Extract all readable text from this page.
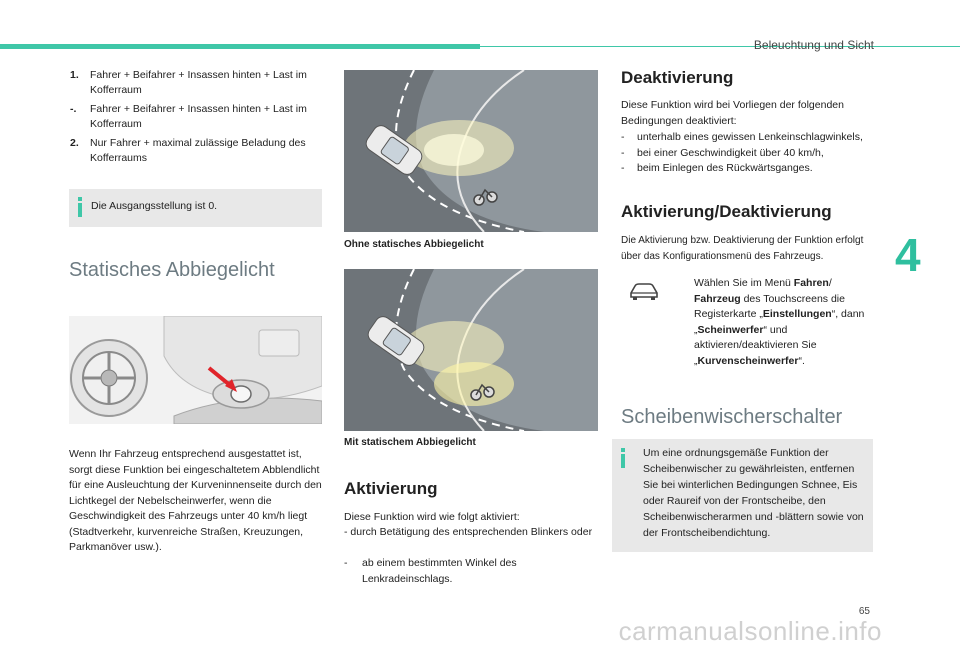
Beleuchtung und Sicht
4
1.	Fahrer + Beifahrer + Insassen hinten + Last im Kofferraum
-.	Fahrer + Beifahrer + Insassen hinten + Last im Kofferraum
2.	Nur Fahrer + maximal zulässige Beladung des Kofferraums
Die Ausgangsstellung ist 0.
Statisches Abbiegelicht
Wenn Ihr Fahrzeug entsprechend ausgestattet ist, sorgt diese Funktion bei eingeschaltetem Abblendlicht für eine Ausleuchtung der Kurveninnenseite durch den Lichtkegel der Nebelscheinwerfer, wenn die Geschwindigkeit des Fahrzeugs unter 40 km/h liegt (Stadtverkehr, kurvenreiche Straßen, Kreuzungen, Parkmanöver usw.).
Ohne statisches Abbiegelicht
Mit statischem Abbiegelicht
Aktivierung
Diese Funktion wird wie folgt aktiviert:
- durch Betätigung des entsprechenden Blinkers oder
-	ab einem bestimmten Winkel des Lenkradeinschlags.
Deaktivierung
Diese Funktion wird bei Vorliegen der folgenden Bedingungen deaktiviert:
-	unterhalb eines gewissen Lenkeinschlagwinkels,
-	bei einer Geschwindigkeit über 40 km/h,
-	beim Einlegen des Rückwärtsganges.
Aktivierung/Deaktivierung
Die Aktivierung bzw. Deaktivierung der Funktion erfolgt über das Konfigurationsmenü des Fahrzeugs.
Wählen Sie im Menü Fahren/ Fahrzeug des Touchscreens die Registerkarte „Einstellungen“, dann „Scheinwerfer“ und aktivieren/deaktivieren Sie „Kurvenscheinwerfer“.
Scheibenwischerschalter
Um eine ordnungsgemäße Funktion der Scheibenwischer zu gewährleisten, entfernen Sie bei winterlichen Bedingungen Schnee, Eis oder Raureif von der Frontscheibe, den Scheibenwischerarmen und -blättern sowie von der Frontscheibendichtung.
65
carmanualsonline.info
